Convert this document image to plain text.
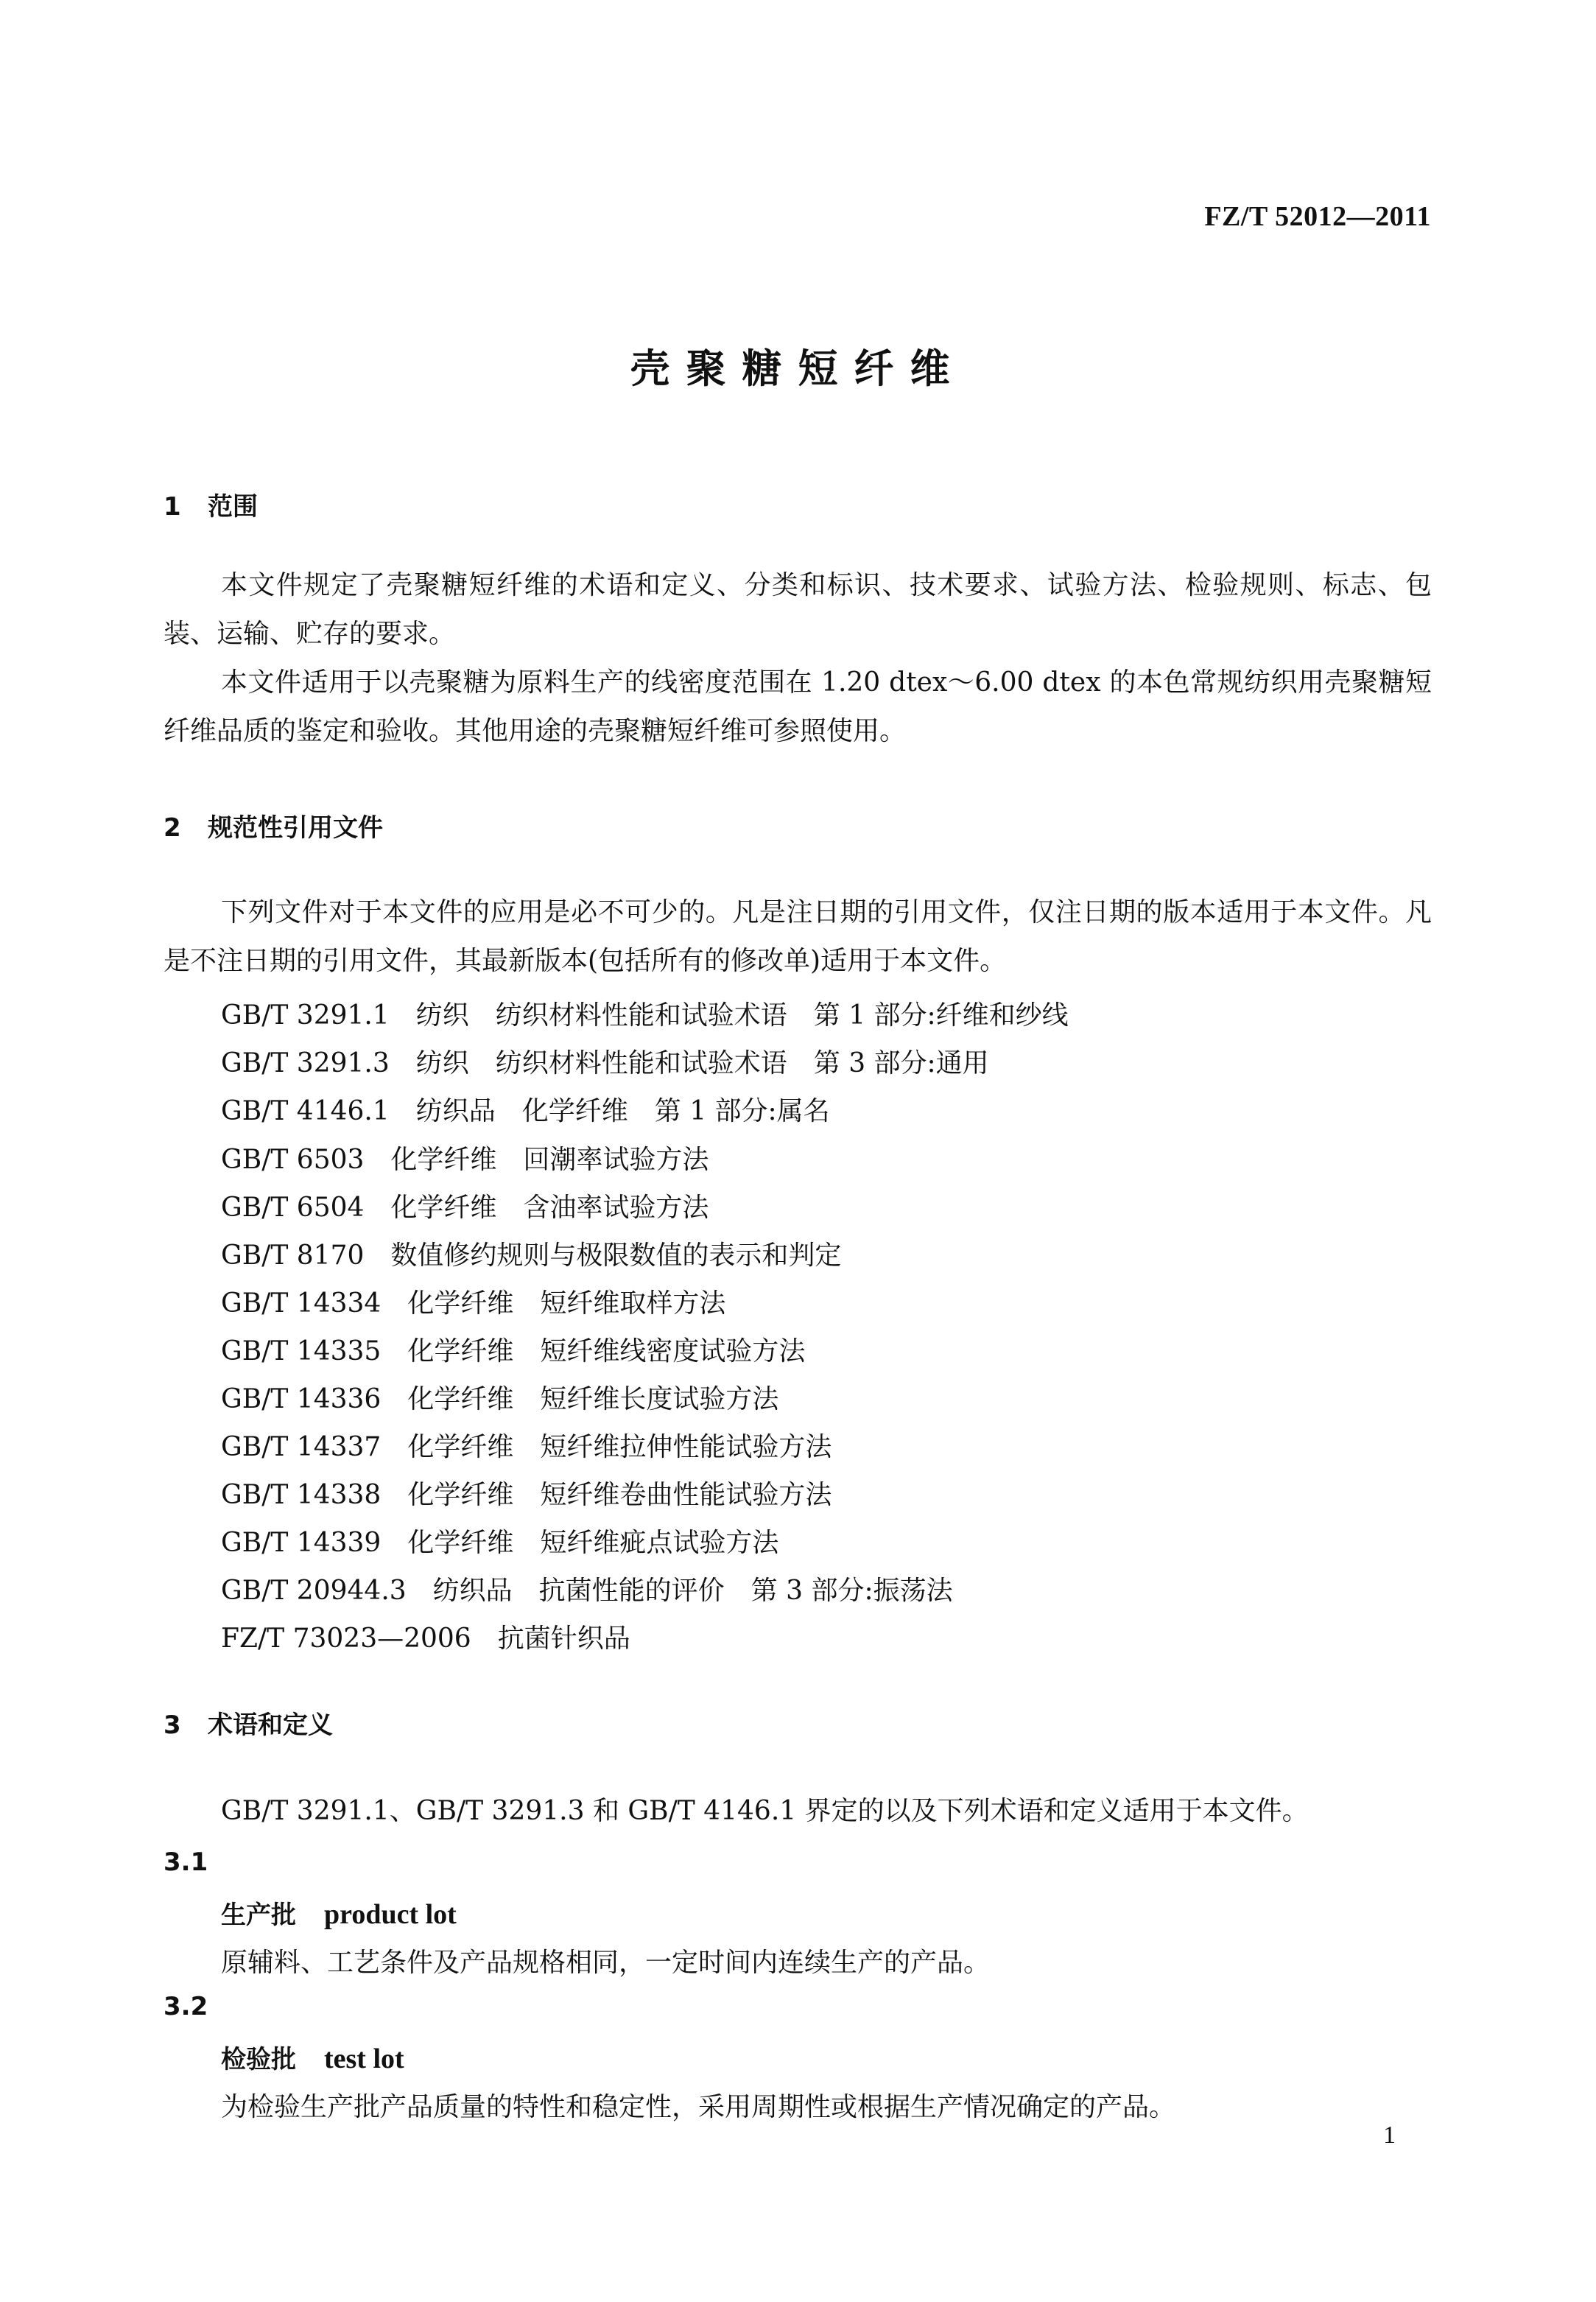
FZ/T 52012—2011
壳聚糖短纤维
1 范围
本文件规定了壳聚糖短纤维的术语和定义、分类和标识、技术要求、试验方法、检验规则、标志、包装、运输、贮存的要求。
本文件适用于以壳聚糖为原料生产的线密度范围在 1.20 dtex～6.00 dtex 的本色常规纺织用壳聚糖短纤维品质的鉴定和验收。其他用途的壳聚糖短纤维可参照使用。
2 规范性引用文件
下列文件对于本文件的应用是必不可少的。凡是注日期的引用文件，仅注日期的版本适用于本文件。凡是不注日期的引用文件，其最新版本(包括所有的修改单)适用于本文件。
GB/T 3291.1　纺织　纺织材料性能和试验术语　第 1 部分:纤维和纱线
GB/T 3291.3　纺织　纺织材料性能和试验术语　第 3 部分:通用
GB/T 4146.1　纺织品　化学纤维　第 1 部分:属名
GB/T 6503　化学纤维　回潮率试验方法
GB/T 6504　化学纤维　含油率试验方法
GB/T 8170　数值修约规则与极限数值的表示和判定
GB/T 14334　化学纤维　短纤维取样方法
GB/T 14335　化学纤维　短纤维线密度试验方法
GB/T 14336　化学纤维　短纤维长度试验方法
GB/T 14337　化学纤维　短纤维拉伸性能试验方法
GB/T 14338　化学纤维　短纤维卷曲性能试验方法
GB/T 14339　化学纤维　短纤维疵点试验方法
GB/T 20944.3　纺织品　抗菌性能的评价　第 3 部分:振荡法
FZ/T 73023—2006　抗菌针织品
3 术语和定义
GB/T 3291.1、GB/T 3291.3 和 GB/T 4146.1 界定的以及下列术语和定义适用于本文件。
3.1
生产批 product lot
原辅料、工艺条件及产品规格相同，一定时间内连续生产的产品。
3.2
检验批 test lot
为检验生产批产品质量的特性和稳定性，采用周期性或根据生产情况确定的产品。
1
